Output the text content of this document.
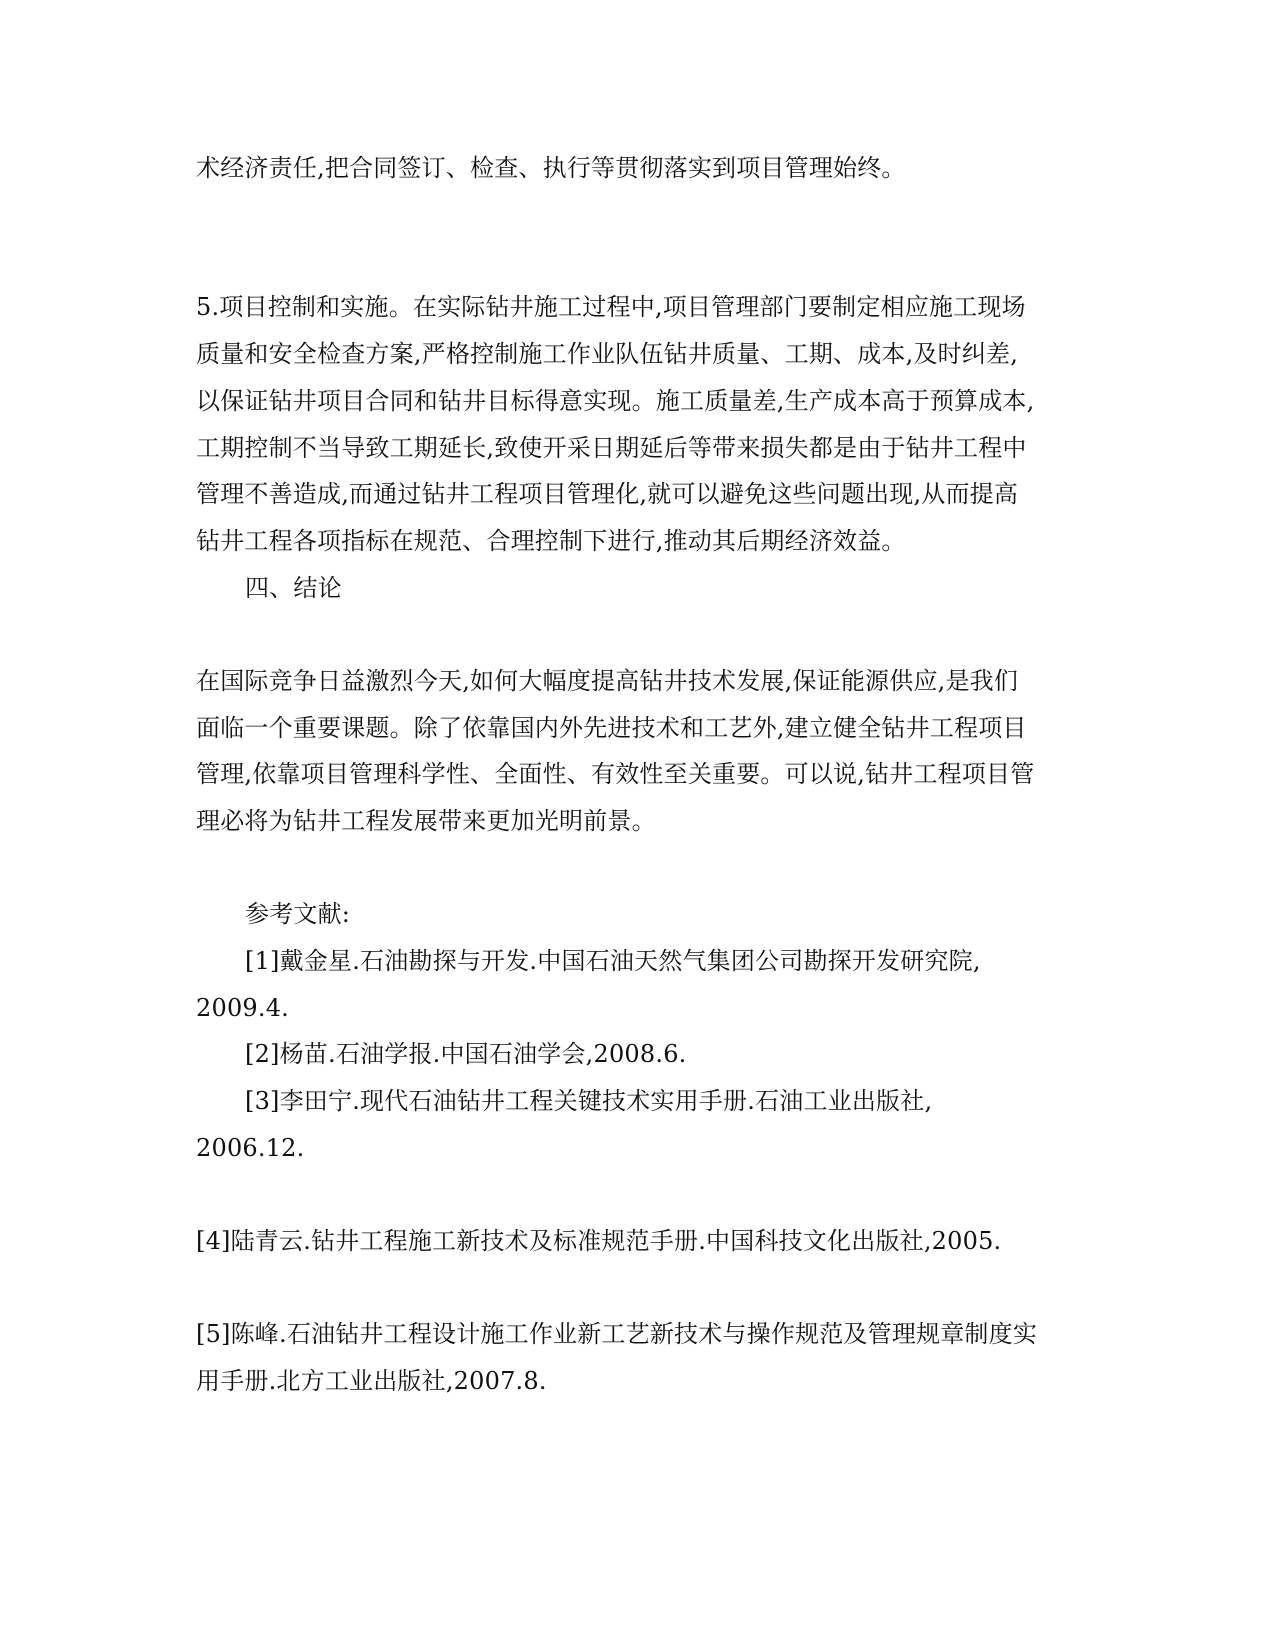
术经济责任,把合同签订、检查、执行等贯彻落实到项目管理始终。
5.项目控制和实施。在实际钻井施工过程中,项目管理部门要制定相应施工现场
质量和安全检查方案,严格控制施工作业队伍钻井质量、工期、成本,及时纠差,
以保证钻井项目合同和钻井目标得意实现。施工质量差,生产成本高于预算成本,
工期控制不当导致工期延长,致使开采日期延后等带来损失都是由于钻井工程中
管理不善造成,而通过钻井工程项目管理化,就可以避免这些问题出现,从而提高
钻井工程各项指标在规范、合理控制下进行,推动其后期经济效益。
四、结论
在国际竞争日益激烈今天,如何大幅度提高钻井技术发展,保证能源供应,是我们
面临一个重要课题。除了依靠国内外先进技术和工艺外,建立健全钻井工程项目
管理,依靠项目管理科学性、全面性、有效性至关重要。可以说,钻井工程项目管
理必将为钻井工程发展带来更加光明前景。
参考文献:
[1]戴金星.石油勘探与开发.中国石油天然气集团公司勘探开发研究院,
2009.4.
[2]杨苗.石油学报.中国石油学会,2008.6.
[3]李田宁.现代石油钻井工程关键技术实用手册.石油工业出版社,
2006.12.
[4]陆青云.钻井工程施工新技术及标准规范手册.中国科技文化出版社,2005.
[5]陈峰.石油钻井工程设计施工作业新工艺新技术与操作规范及管理规章制度实
用手册.北方工业出版社,2007.8.
